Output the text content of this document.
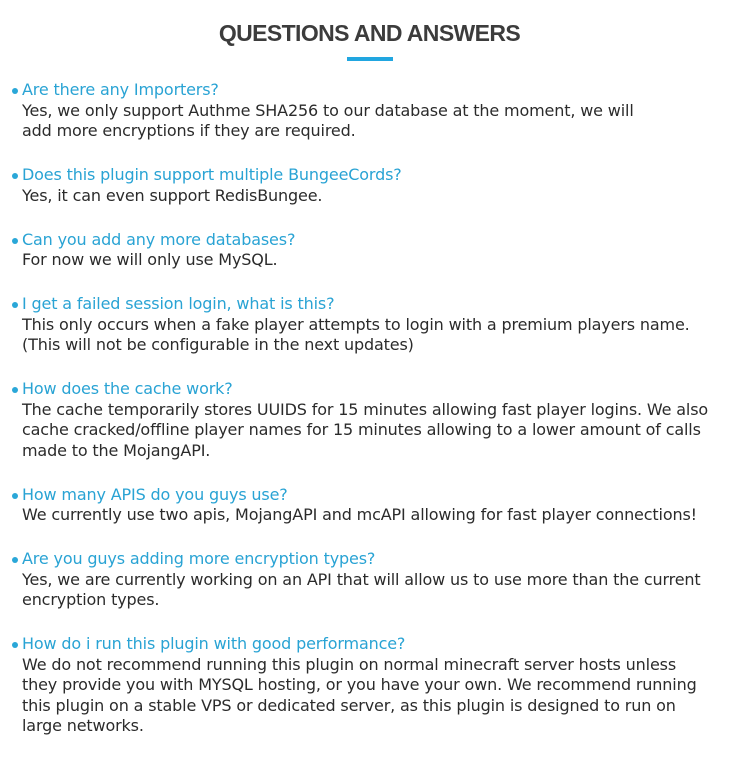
QUESTIONS AND ANSWERS
Are there any Importers?
Yes, we only support Authme SHA256 to our database at the moment, we will
add more encryptions if they are required.
Does this plugin support multiple BungeeCords?
Yes, it can even support RedisBungee.
Can you add any more databases?
For now we will only use MySQL.
I get a failed session login, what is this?
This only occurs when a fake player attempts to login with a premium players name.
(This will not be configurable in the next updates)
How does the cache work?
The cache temporarily stores UUIDS for 15 minutes allowing fast player logins. We also
cache cracked/offline player names for 15 minutes allowing to a lower amount of calls
made to the MojangAPI.
How many APIS do you guys use?
We currently use two apis, MojangAPI and mcAPI allowing for fast player connections!
Are you guys adding more encryption types?
Yes, we are currently working on an API that will allow us to use more than the current
encryption types.
How do i run this plugin with good performance?
We do not recommend running this plugin on normal minecraft server hosts unless
they provide you with MYSQL hosting, or you have your own. We recommend running
this plugin on a stable VPS or dedicated server, as this plugin is designed to run on
large networks.
